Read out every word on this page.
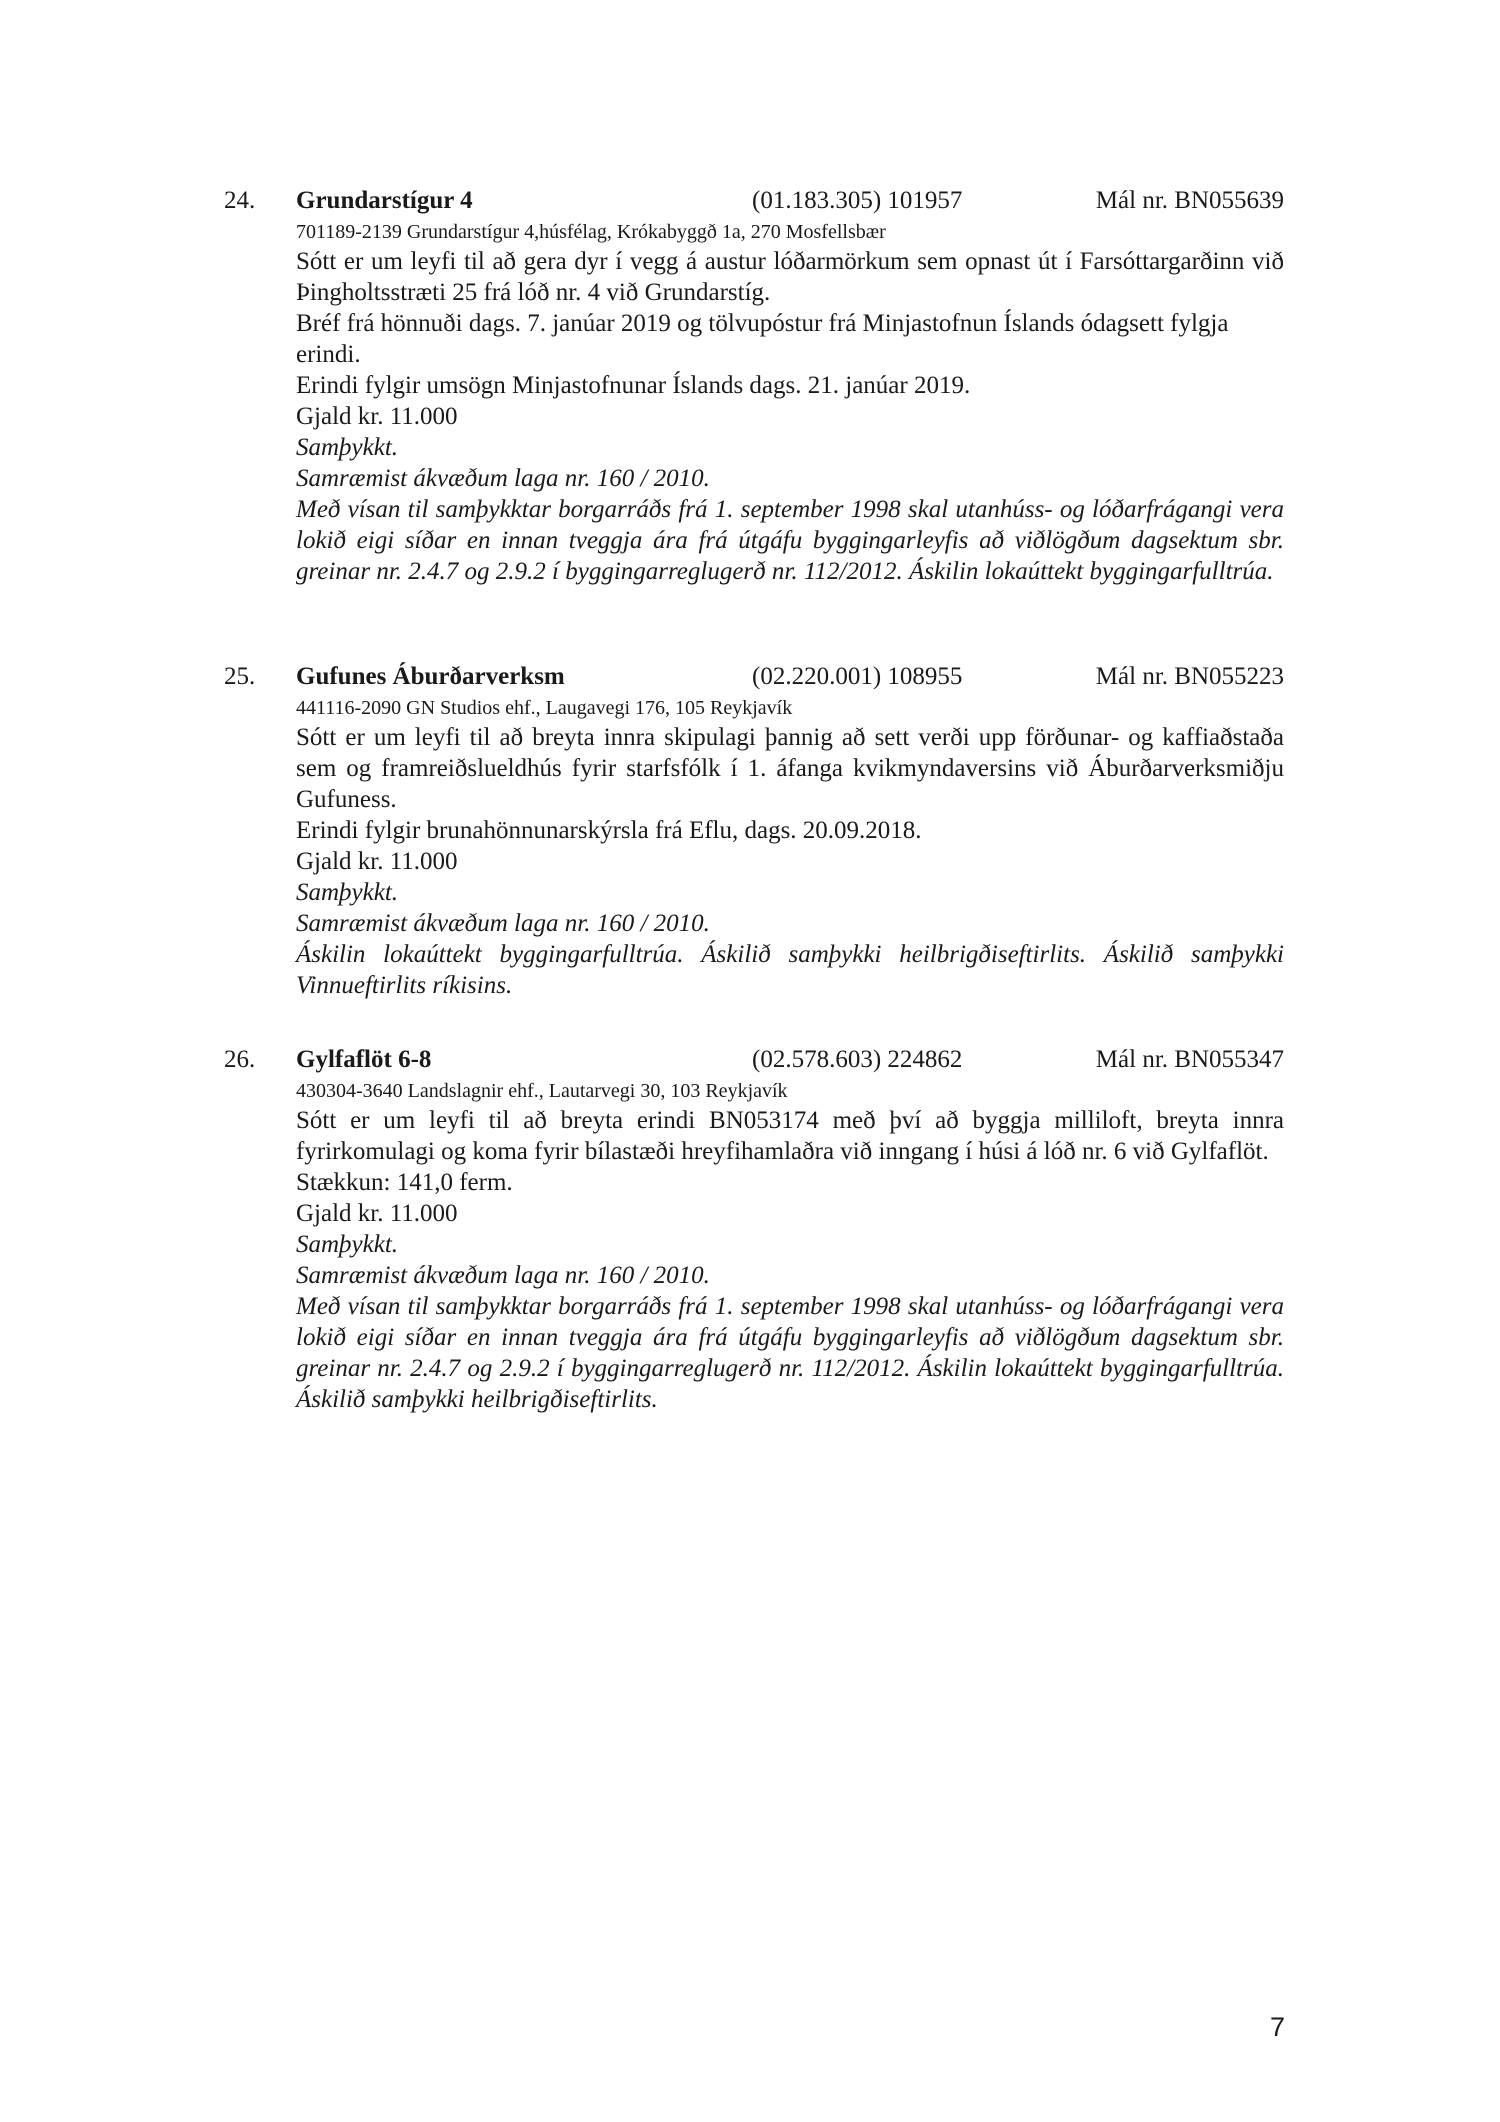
24. Grundarstígur 4	(01.183.305) 101957	Mál nr. BN055639
701189-2139 Grundarstígur 4,húsfélag, Krókabyggð 1a, 270 Mosfellsbær

Sótt er um leyfi til að gera dyr í vegg á austur lóðarmörkum sem opnast út í Farsóttargarðinn við Þingholtsstræti 25 frá lóð nr. 4 við Grundarstíg.

Bréf frá hönnuði dags. 7. janúar 2019 og tölvupóstur frá Minjastofnun Íslands ódagsett fylgja erindi.

Erindi fylgir umsögn Minjastofnunar Íslands dags. 21. janúar 2019.

Gjald kr. 11.000

Samþykkt.

Samræmist ákvæðum laga nr. 160 / 2010.

Með vísan til samþykktar borgarráðs frá 1. september 1998 skal utanhúss- og lóðarfrágangi vera lokið eigi síðar en innan tveggja ára frá útgáfu byggingarleyfis að viðlögðum dagsektum sbr. greinar nr. 2.4.7 og 2.9.2 í byggingarreglugerð nr. 112/2012. Áskilin lokaúttekt byggingarfulltrúa.

25. Gufunes Áburðarverksm	(02.220.001) 108955	Mál nr. BN055223
441116-2090 GN Studios ehf., Laugavegi 176, 105 Reykjavík

Sótt er um leyfi til að breyta innra skipulagi þannig að sett verði upp förðunar- og kaffiaðstaða sem og framreiðslueldhús fyrir starfsfólk í 1. áfanga kvikmyndaversins við Áburðarverksmiðju Gufuness.

Erindi fylgir brunahönnunarskýrsla frá Eflu, dags. 20.09.2018.

Gjald kr. 11.000

Samþykkt.

Samræmist ákvæðum laga nr. 160 / 2010.

Áskilin lokaúttekt byggingarfulltrúa. Áskilið samþykki heilbrigðiseftirlits. Áskilið samþykki Vinnueftirlits ríkisins.

26. Gylfaflöt 6-8	(02.578.603) 224862	Mál nr. BN055347
430304-3640 Landslagnir ehf., Lautarvegi 30, 103 Reykjavík

Sótt er um leyfi til að breyta erindi BN053174 með því að byggja milliloft, breyta innra fyrirkomulagi og koma fyrir bílastæði hreyfihamlaðra við inngang í húsi á lóð nr. 6 við Gylfaflöt.

Stækkun: 141,0 ferm.

Gjald kr. 11.000

Samþykkt.

Samræmist ákvæðum laga nr. 160 / 2010.

Með vísan til samþykktar borgarráðs frá 1. september 1998 skal utanhúss- og lóðarfrágangi vera lokið eigi síðar en innan tveggja ára frá útgáfu byggingarleyfis að viðlögðum dagsektum sbr. greinar nr. 2.4.7 og 2.9.2 í byggingarreglugerð nr. 112/2012. Áskilin lokaúttekt byggingarfulltrúa. Áskilið samþykki heilbrigðiseftirlits.

7
